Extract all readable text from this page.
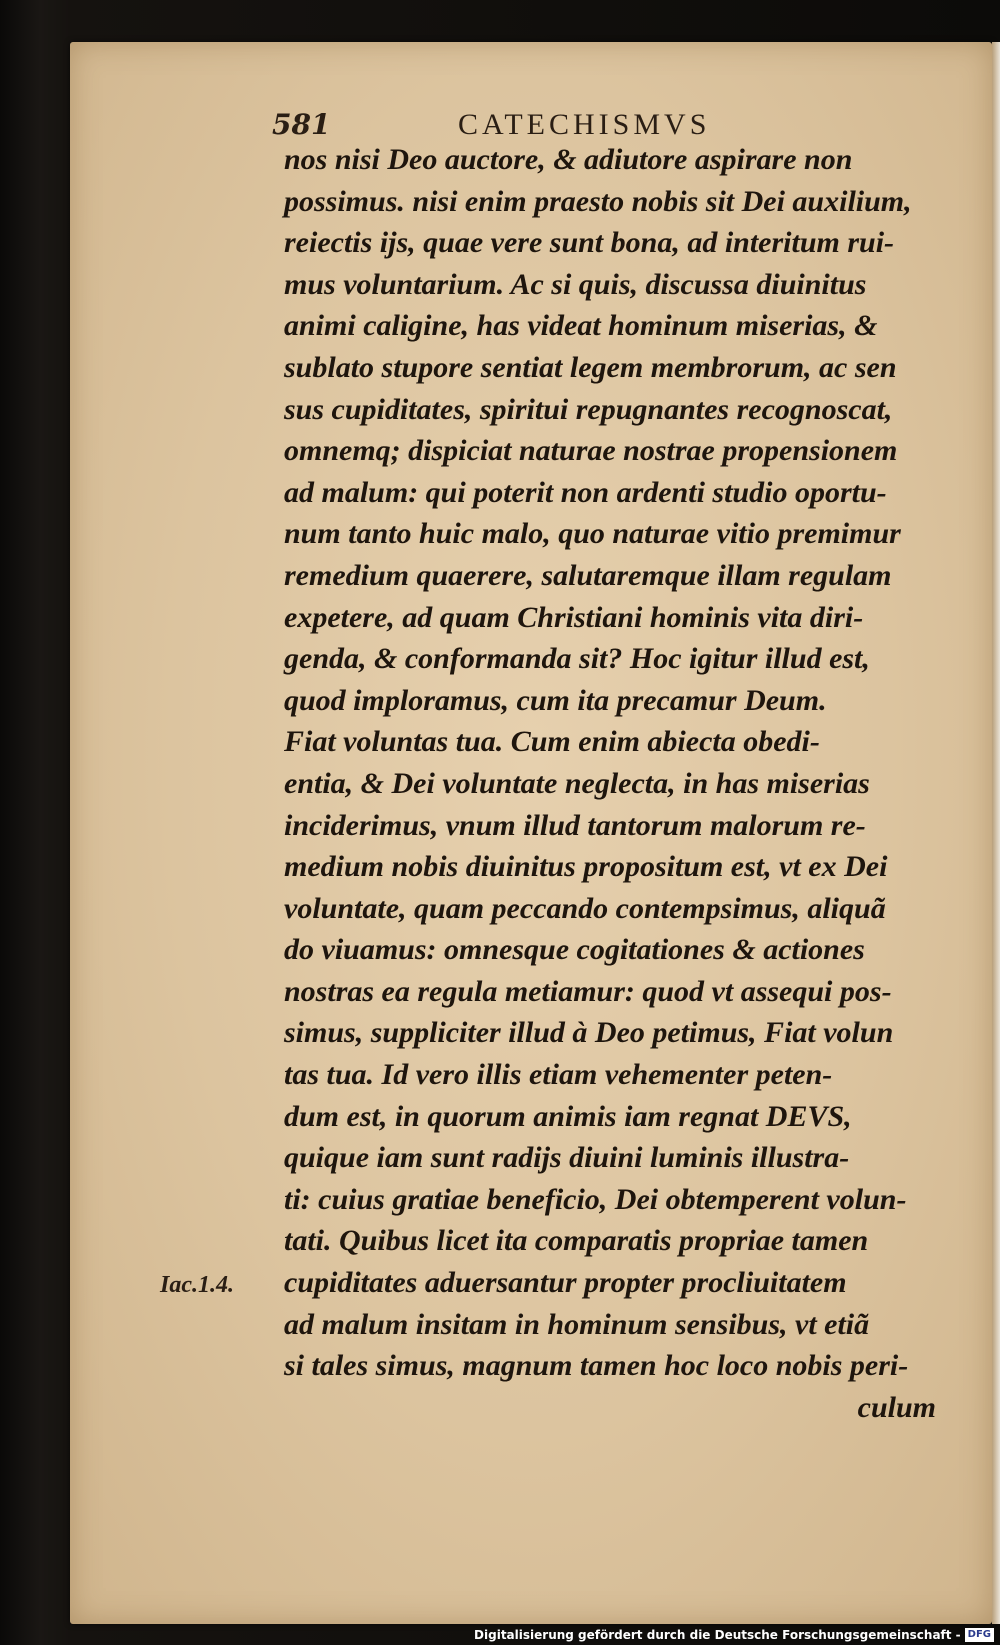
581	CATECHISMVS
nos nisi Deo auctore, & adiutore aspirare non
possimus. nisi enim praesto nobis sit Dei auxilium,
reiectis ijs, quae vere sunt bona, ad interitum rui-
mus voluntarium. Ac si quis, discussa diuinitus
animi caligine, has videat hominum miserias, &
sublato stupore sentiat legem membrorum, ac sen
sus cupiditates, spiritui repugnantes recognoscat,
omnemq; dispiciat naturae nostrae propensionem
ad malum: qui poterit non ardenti studio oportu-
num tanto huic malo, quo naturae vitio premimur
remedium quaerere, salutaremque illam regulam
expetere, ad quam Christiani hominis vita diri-
genda, & conformanda sit? Hoc igitur illud est,
quod imploramus, cum ita precamur Deum.
Fiat voluntas tua. Cum enim abiecta obedi-
entia, & Dei voluntate neglecta, in has miserias
inciderimus, vnum illud tantorum malorum re-
medium nobis diuinitus propositum est, vt ex Dei
voluntate, quam peccando contempsimus, aliquã
do viuamus: omnesque cogitationes & actiones
nostras ea regula metiamur: quod vt assequi pos-
simus, suppliciter illud à Deo petimus, Fiat volun
tas tua. Id vero illis etiam vehementer peten-
dum est, in quorum animis iam regnat DEVS,
quique iam sunt radijs diuini luminis illustra-
ti: cuius gratiae beneficio, Dei obtemperent volun-
tati. Quibus licet ita comparatis propriae tamen
cupiditates aduersantur propter procliuitatem
ad malum insitam in hominum sensibus, vt etiã
si tales simus, magnum tamen hoc loco nobis peri-
culum
Iac.1.4.
Digitalisierung gefördert durch die Deutsche Forschungsgemeinschaft - DFG
